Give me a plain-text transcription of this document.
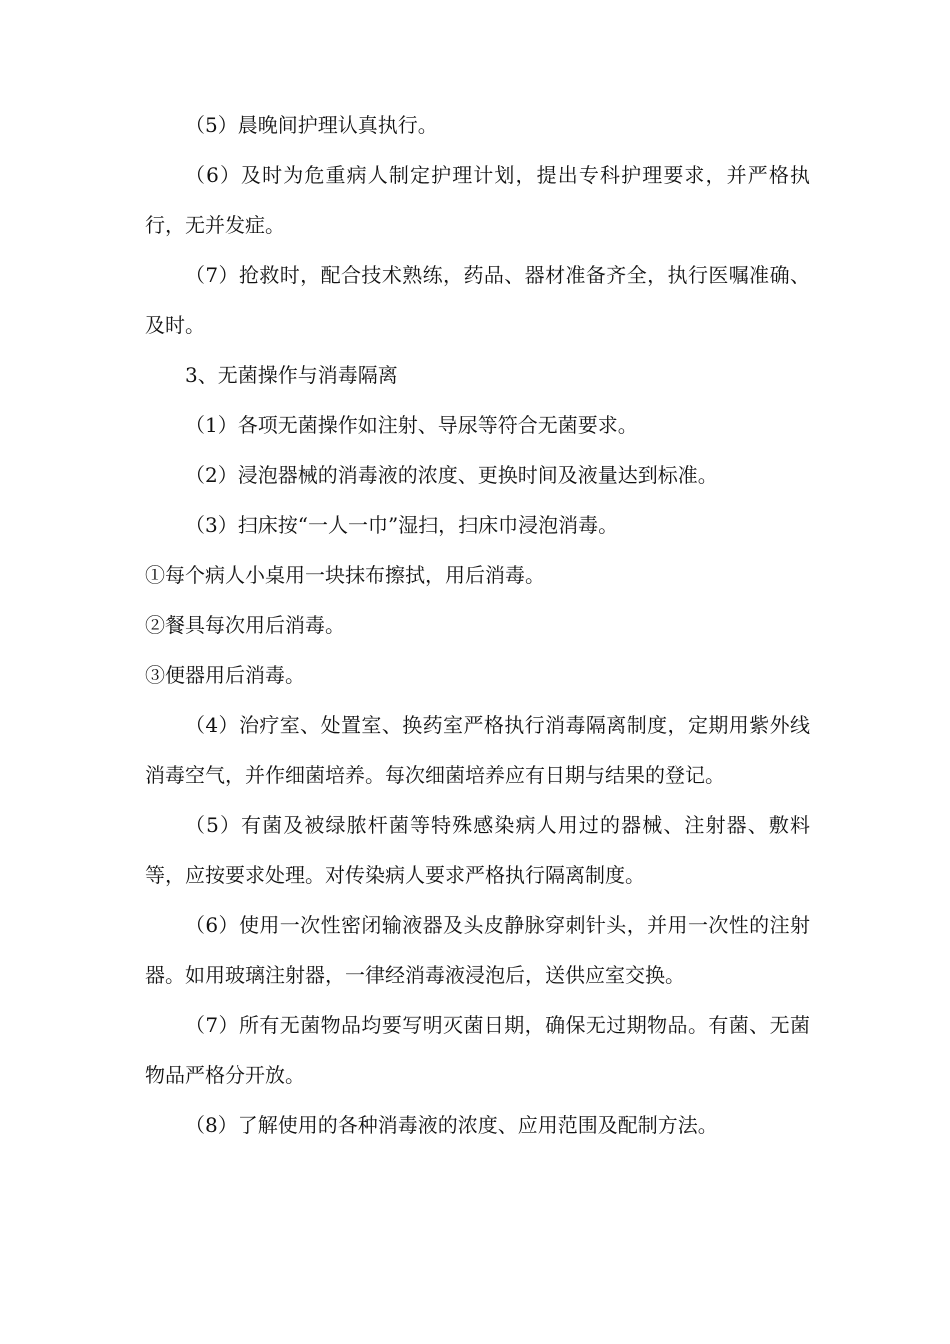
（5）晨晚间护理认真执行。

（6）及时为危重病人制定护理计划，提出专科护理要求，并严格执行，无并发症。

（7）抢救时，配合技术熟练，药品、器材准备齐全，执行医嘱准确、及时。

3、无菌操作与消毒隔离

（1）各项无菌操作如注射、导尿等符合无菌要求。

（2）浸泡器械的消毒液的浓度、更换时间及液量达到标准。

（3）扫床按“一人一巾”湿扫，扫床巾浸泡消毒。

①每个病人小桌用一块抹布擦拭，用后消毒。

②餐具每次用后消毒。

③便器用后消毒。

（4）治疗室、处置室、换药室严格执行消毒隔离制度，定期用紫外线消毒空气，并作细菌培养。每次细菌培养应有日期与结果的登记。

（5）有菌及被绿脓杆菌等特殊感染病人用过的器械、注射器、敷料等，应按要求处理。对传染病人要求严格执行隔离制度。

（6）使用一次性密闭输液器及头皮静脉穿刺针头，并用一次性的注射器。如用玻璃注射器，一律经消毒液浸泡后，送供应室交换。

（7）所有无菌物品均要写明灭菌日期，确保无过期物品。有菌、无菌物品严格分开放。

（8）了解使用的各种消毒液的浓度、应用范围及配制方法。
